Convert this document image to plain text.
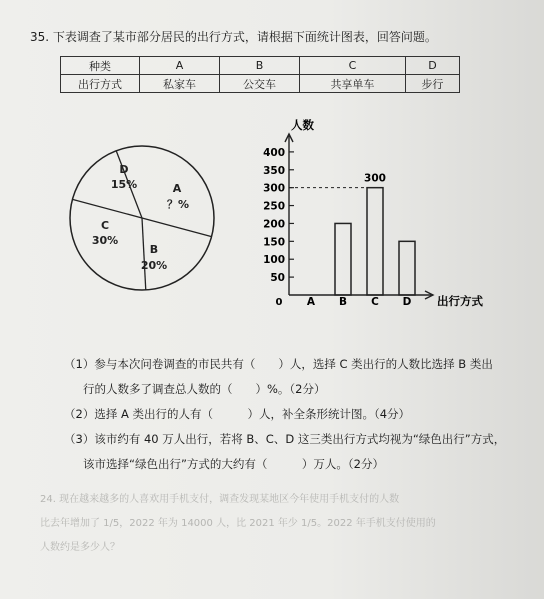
35. 下表调查了某市部分居民的出行方式，请根据下面统计图表，回答问题。
种类	A	B	C	D
出行方式	私家车	公交车	共享单车	步行
A
？%
B
20%
C
30%
D
15%
人数
出行方式
0
50
100
150
200
250
300
350
400
300
A B C D

（1）参与本次问卷调查的市民共有（　　）人，选择 C 类出行的人数比选择 B 类出

行的人数多了调查总人数的（　　）%。（2分）

（2）选择 A 类出行的人有（　　　）人，补全条形统计图。（4分）

（3）该市约有 40 万人出行，若将 B、C、D 这三类出行方式均视为“绿色出行”方式，

该市选择“绿色出行”方式的大约有（　　　）万人。（2分）

24. 现在越来越多的人喜欢用手机支付，调查发现某地区今年使用手机支付的人数
比去年增加了 1/5，2022 年为 14000 人，比 2021 年少 1/5。2022 年手机支付使用的
人数约是多少人？
